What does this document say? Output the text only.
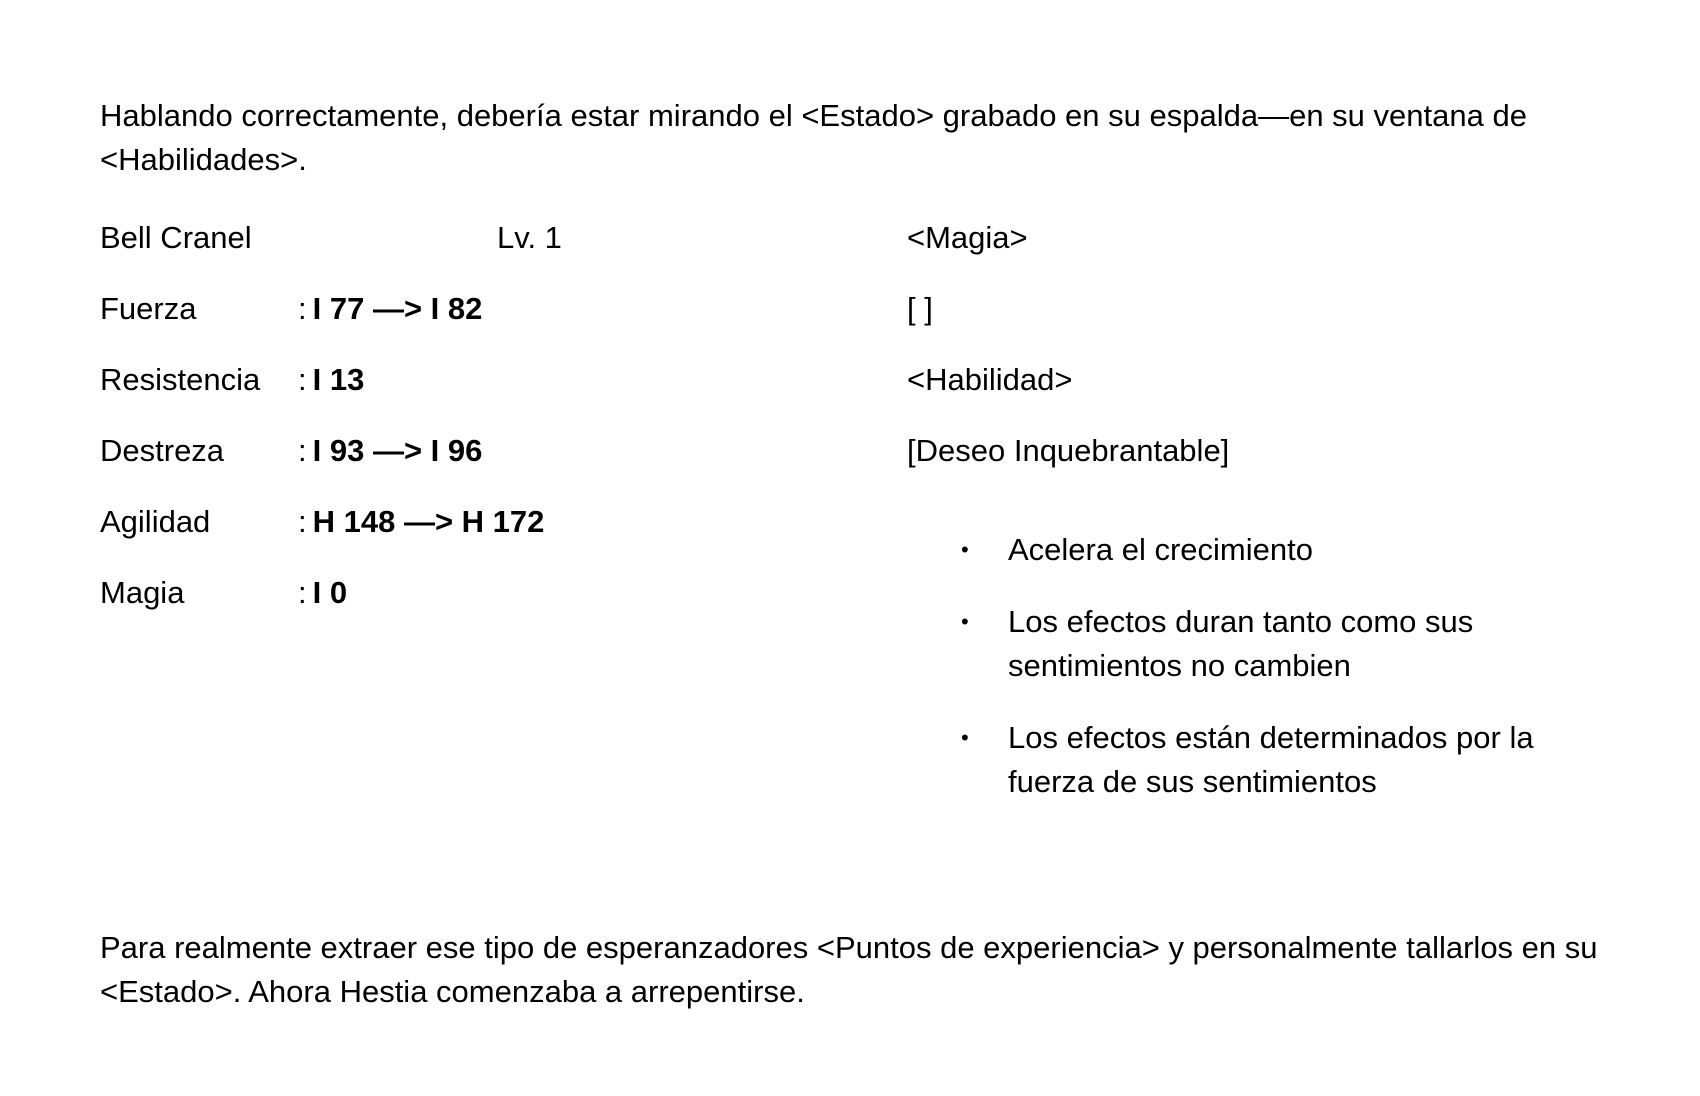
Hablando correctamente, debería estar mirando el <Estado> grabado en su espalda—en su ventana de <Habilidades>.

Bell Cranel	Lv. 1
Fuerza	: I 77 —> I 82
Resistencia : I 13
Destreza : I 93 —> I 96
Agilidad	: H 148 —> H 172
Magia	: I 0
<Magia>
[ ]
<Habilidad>
[Deseo Inquebrantable]
• Acelera el crecimiento
• Los efectos duran tanto como sus sentimientos no cambien
• Los efectos están determinados por la fuerza de sus sentimientos

Para realmente extraer ese tipo de esperanzadores <Puntos de experiencia> y personalmente tallarlos en su <Estado>. Ahora Hestia comenzaba a arrepentirse.
